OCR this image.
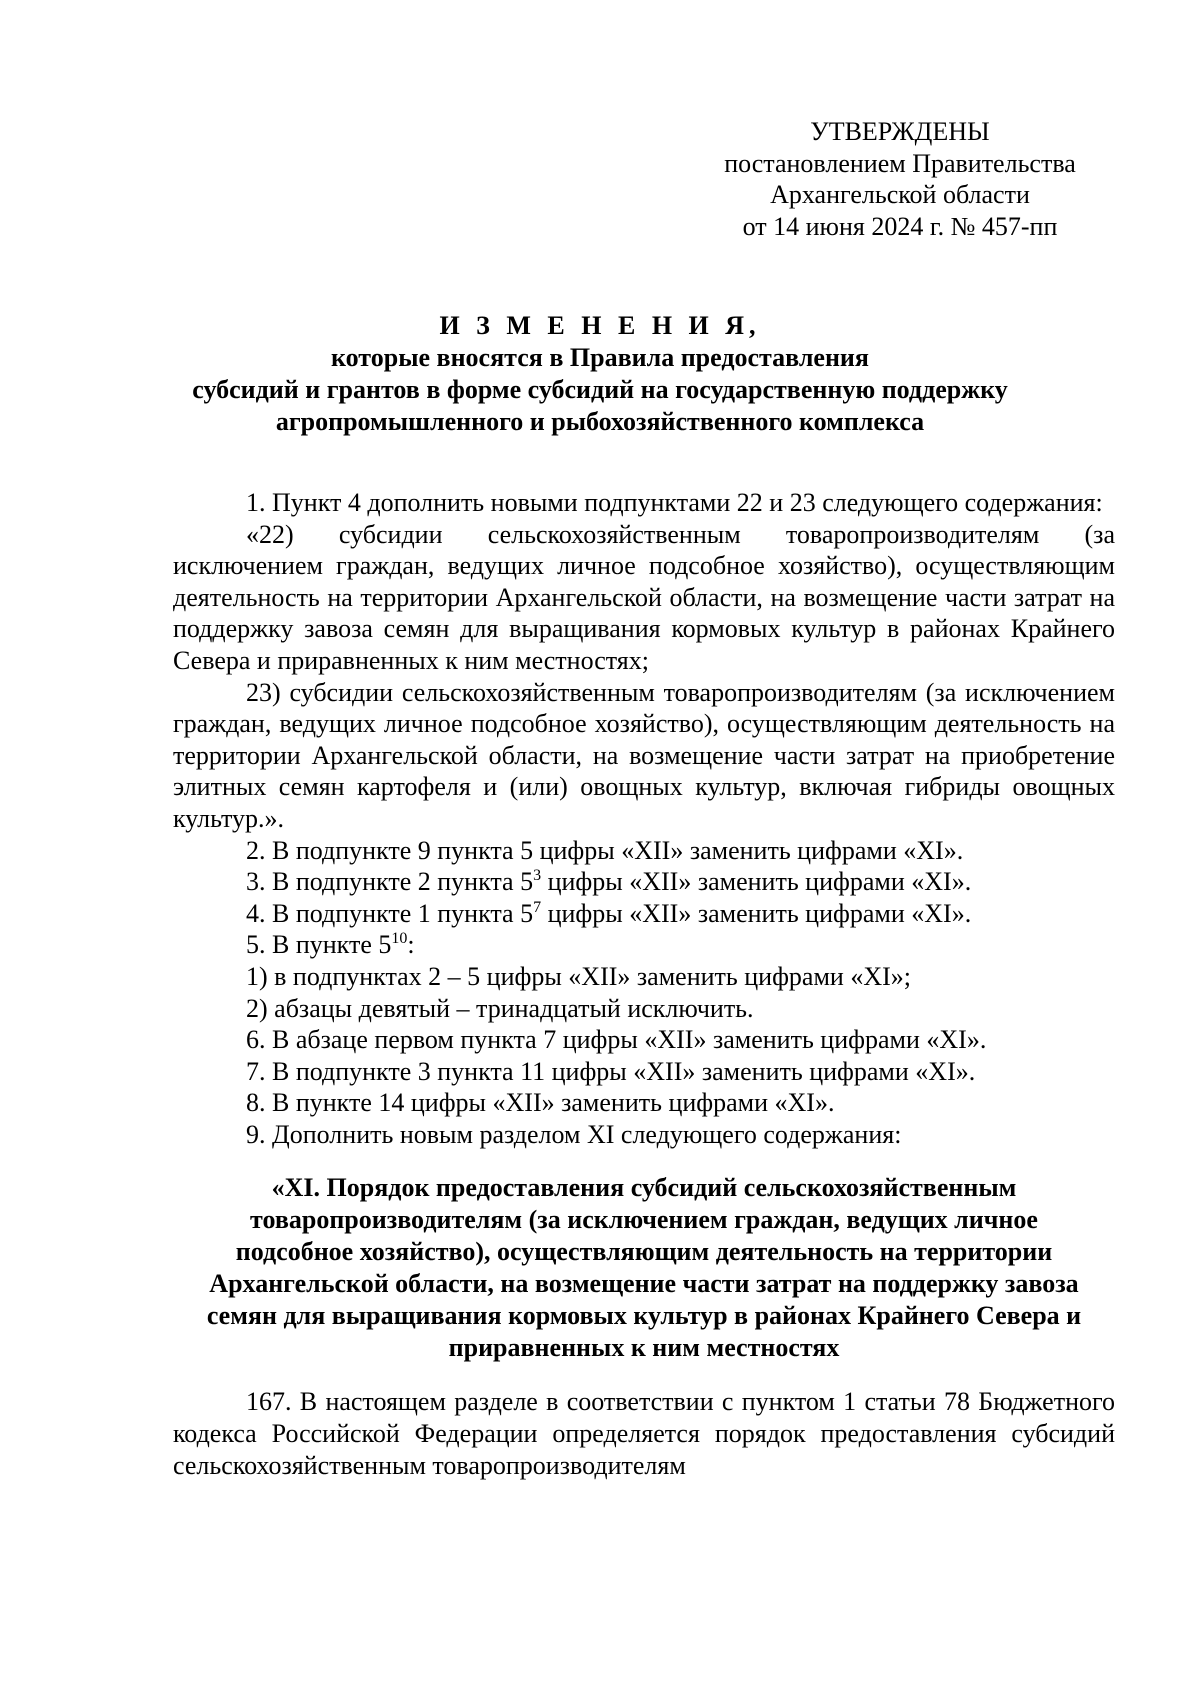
УТВЕРЖДЕНЫ
постановлением Правительства
Архангельской области
от 14 июня 2024 г. № 457-пп
И З М Е Н Е Н И Я,
которые вносятся в Правила предоставления
субсидий и грантов в форме субсидий на государственную поддержку
агропромышленного и рыбохозяйственного комплекса

1. Пункт 4 дополнить новыми подпунктами 22 и 23 следующего содержания:

«22) субсидии сельскохозяйственным товаропроизводителям (за исключением граждан, ведущих личное подсобное хозяйство), осуществляющим деятельность на территории Архангельской области, на возмещение части затрат на поддержку завоза семян для выращивания кормовых культур в районах Крайнего Севера и приравненных к ним местностях;

23) субсидии сельскохозяйственным товаропроизводителям (за исключением граждан, ведущих личное подсобное хозяйство), осуществляющим деятельность на территории Архангельской области, на возмещение части затрат на приобретение элитных семян картофеля и (или) овощных культур, включая гибриды овощных культур.».

2. В подпункте 9 пункта 5 цифры «XII» заменить цифрами «XI».

3. В подпункте 2 пункта $5^3$ цифры «XII» заменить цифрами «XI».

4. В подпункте 1 пункта $5^7$ цифры «XII» заменить цифрами «XI».

5. В пункте $5^{10}$:

1) в подпунктах 2 – 5 цифры «XII» заменить цифрами «XI»;

2) абзацы девятый – тринадцатый исключить.

6. В абзаце первом пункта 7 цифры «XII» заменить цифрами «XI».

7. В подпункте 3 пункта 11 цифры «XII» заменить цифрами «XI».

8. В пункте 14 цифры «XII» заменить цифрами «XI».

9. Дополнить новым разделом XI следующего содержания:

«XI. Порядок предоставления субсидий сельскохозяйственным товаропроизводителям (за исключением граждан, ведущих личное подсобное хозяйство), осуществляющим деятельность на территории Архангельской области, на возмещение части затрат на поддержку завоза семян для выращивания кормовых культур в районах Крайнего Севера и приравненных к ним местностях

167. В настоящем разделе в соответствии с пунктом 1 статьи 78 Бюджетного кодекса Российской Федерации определяется порядок предоставления субсидий сельскохозяйственным товаропроизводителям
